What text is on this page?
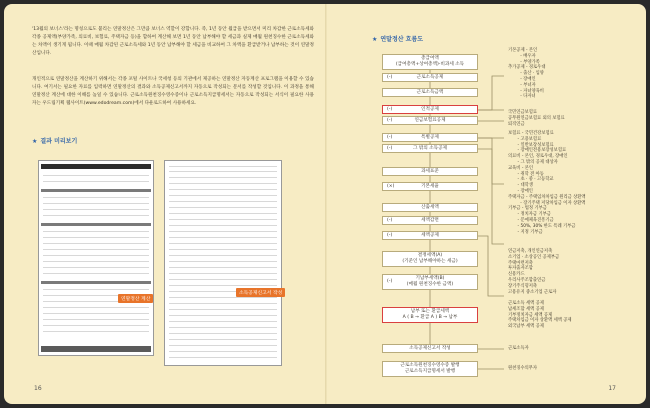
'13월의 보너스'라는 명칭으로도 불리는 연말정산은 그만큼 보너스 역할이 강합니다. 즉, 1년 동안 월급을 받으면서 미리 차감한 근로소득세와 각종 공제액(부양가족, 의료비, 보험료, 주택자금 등)을 합하여 계산해 보면 1년 동안 납부해야 할 세금과 실제 매월 원천징수한 근로소득세와는 차액이 생기게 됩니다. 이때 매월 차감된 근로소득세와 1년 동안 납부해야 할 세금을 비교하여 그 차액을 환급받거나 납부하는 것이 연말정산입니다.

개인적으로 연말정산을 계산하기 위해서는 각종 포털 사이트나 국세청 등의 기관에서 제공하는 연말정산 자동계산 프로그램을 이용할 수 있습니다. 여기서는 필요한 자료를 입력하면 연말정산의 결과와 소득공제신고서까지 자동으로 작성되는 문서를 작성할 것입니다. 이 과정을 통해 연말정산 계산에 대한 이해를 높일 수 있습니다. 근로소득원천징수영수증이나 근로소득지급명세서는 자동으로 작성되는 서식이 필요한 사용자는 우드림기획 웹사이트(www.edodream.com)에서 다운로드하여 사용하세요.

★ 결과 미리보기
연말정산 계산
소득공제신고서 작성
16
★ 연말정산 흐름도
총급여액
(급여총액+상여총액)-비과세 소득
(-)	근로소득공제
근로소득금액
(-)	인적공제
(-)	연금보험료공제
(-)	특별공제
(-)	그 밖의 소득공제
과세표준
(×)	기본세율
산출세액
(-)	세액감면
(-)	세액공제
결정세액(A)
(기준인 납부해야하는 세금)
(-)
기납부세액(B)
(매월 원천징수한 금액)
납부 또는 환급세액
A ( B → 환급 A ) B → 납부
소득공제신고서 작성
근로소득원천징수영수증 발행
근로소득지급명세서 발행
기본공제 - 본인
- 배우자
- 부양가족
추가공제 - 경로우대
- 출산 · 입양
- 장애인
- 부녀자
- 자녀양육비
- 다자녀
국민연금보험료
공무원연금보험료 외의 보험료
퇴직연금
보험료 - 국민건강보험료
- 고용보험료
- 일반보장성보험료
- 장애인전용보장성보험료
의료비 - 본인, 경로우대, 장애인
- 그 밖의 공제 대상자
교육비 - 본인
- 취학 전 아동
- 초 · 중 · 고등학교
- 대학생
- 장애인
주택자금 - 주택임차차입금 원리금 상환액
- 장기주택 저당차입금 이자 상환액
기부금 - 법정 기부금
- 정치자금 기부금
- 문예체육진흥기금
- 50%, 30% 한도 특례 기부금
- 지정 기부금
연금저축, 개인연금저축
소기업 · 소상공인 공제부금
주택마련저축
투자출자조합
신용카드
우리사주조합출연금
장기주식형저축
고용유지 중소기업 근로자
근로소득 세액 공제
납세조합 세액 공제
기부정치자금 세액 공제
주택차입금 이자 상환액 세액 공제
외국납부 세액 공제
근로소득자
원천징수의무자
17
